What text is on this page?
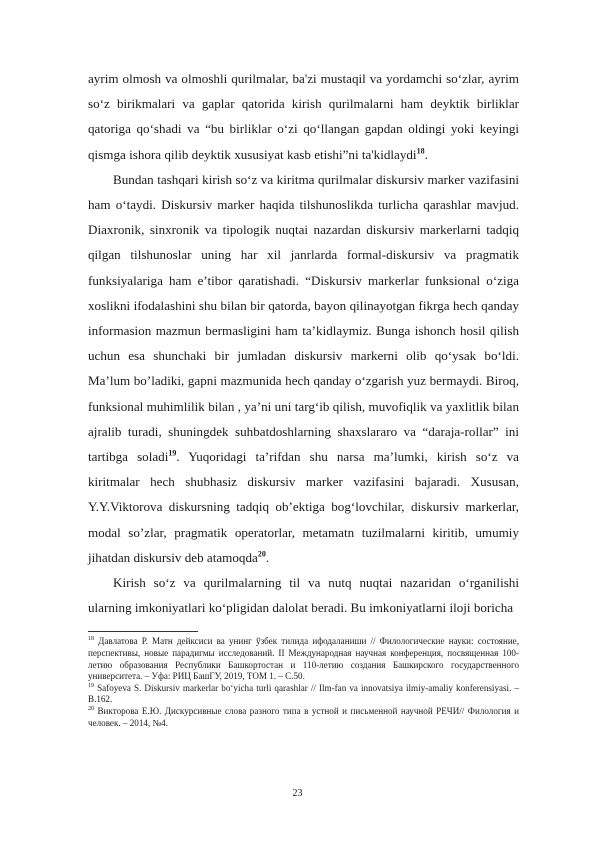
ayrim olmosh va olmoshli qurilmalar, ba'zi mustaqil va yordamchi so‘zlar, ayrim so‘z birikmalari va gaplar qatorida kirish qurilmalarni ham deyktik birliklar qatoriga qo‘shadi va “bu birliklar o‘zi qo‘llangan gapdan oldingi yoki keyingi qismga ishora qilib deyktik xususiyat kasb etishi”ni ta'kidlaydi$^{18}$.

Bundan tashqari kirish so‘z va kiritma qurilmalar diskursiv marker vazifasini ham o‘taydi. Diskursiv marker haqida tilshunoslikda turlicha qarashlar mavjud. Diaxronik, sinxronik va tipologik nuqtai nazardan diskursiv markerlarni tadqiq qilgan tilshunoslar uning har xil janrlarda formal-diskursiv va pragmatik funksiyalariga ham e’tibor qaratishadi. “Diskursiv markerlar funksional o‘ziga xoslikni ifodalashini shu bilan bir qatorda, bayon qilinayotgan fikrga hech qanday informasion mazmun bermasligini ham ta’kidlaymiz. Bunga ishonch hosil qilish uchun esa shunchaki bir jumladan diskursiv markerni olib qo‘ysak bo‘ldi. Ma’lum bo’ladiki, gapni mazmunida hech qanday o‘zgarish yuz bermaydi. Biroq, funksional muhimlilik bilan , ya’ni uni targ‘ib qilish, muvofiqlik va yaxlitlik bilan ajralib turadi, shuningdek suhbatdoshlarning shaxslararo va “daraja-rollar” ini tartibga soladi$^{19}$. Yuqoridagi ta’rifdan shu narsa ma’lumki, kirish so‘z va kiritmalar hech shubhasiz diskursiv marker vazifasini bajaradi. Xususan, Y.Y.Viktorova diskursning tadqiq ob’ektiga bog‘lovchilar, diskursiv markerlar, modal so’zlar, pragmatik operatorlar, metamatn tuzilmalarni kiritib, umumiy jihatdan diskursiv deb atamoqda$^{20}$.

Kirish so‘z va qurilmalarning til va nutq nuqtai nazaridan o‘rganilishi ularning imkoniyatlari ko‘pligidan dalolat beradi. Bu imkoniyatlarni iloji boricha

$^{18}$ Давлатова Р. Матн дейксиси ва унинг ўзбек тилида ифодаланиши // Филологические науки: состояние, перспективы, новые парадигмы исследований. II Международная научная конференция, посвященная 100-летию образования Республики Башкортостан и 110-летию создания Башкирского государственного университета. – Уфа: РИЦ БашГУ, 2019, ТОМ 1. – С.50.

$^{19}$ Safoyeva S. Diskursiv markerlar bo‘yicha turli qarashlar // Ilm-fan va innovatsiya ilmiy-amaliy konferensiyasi. – B.162.

$^{20}$ Викторова Е.Ю. Дискурсивные слова разного типа в устной и письменной научной РЕЧИ// Филология и человек. – 2014, №4.

23
